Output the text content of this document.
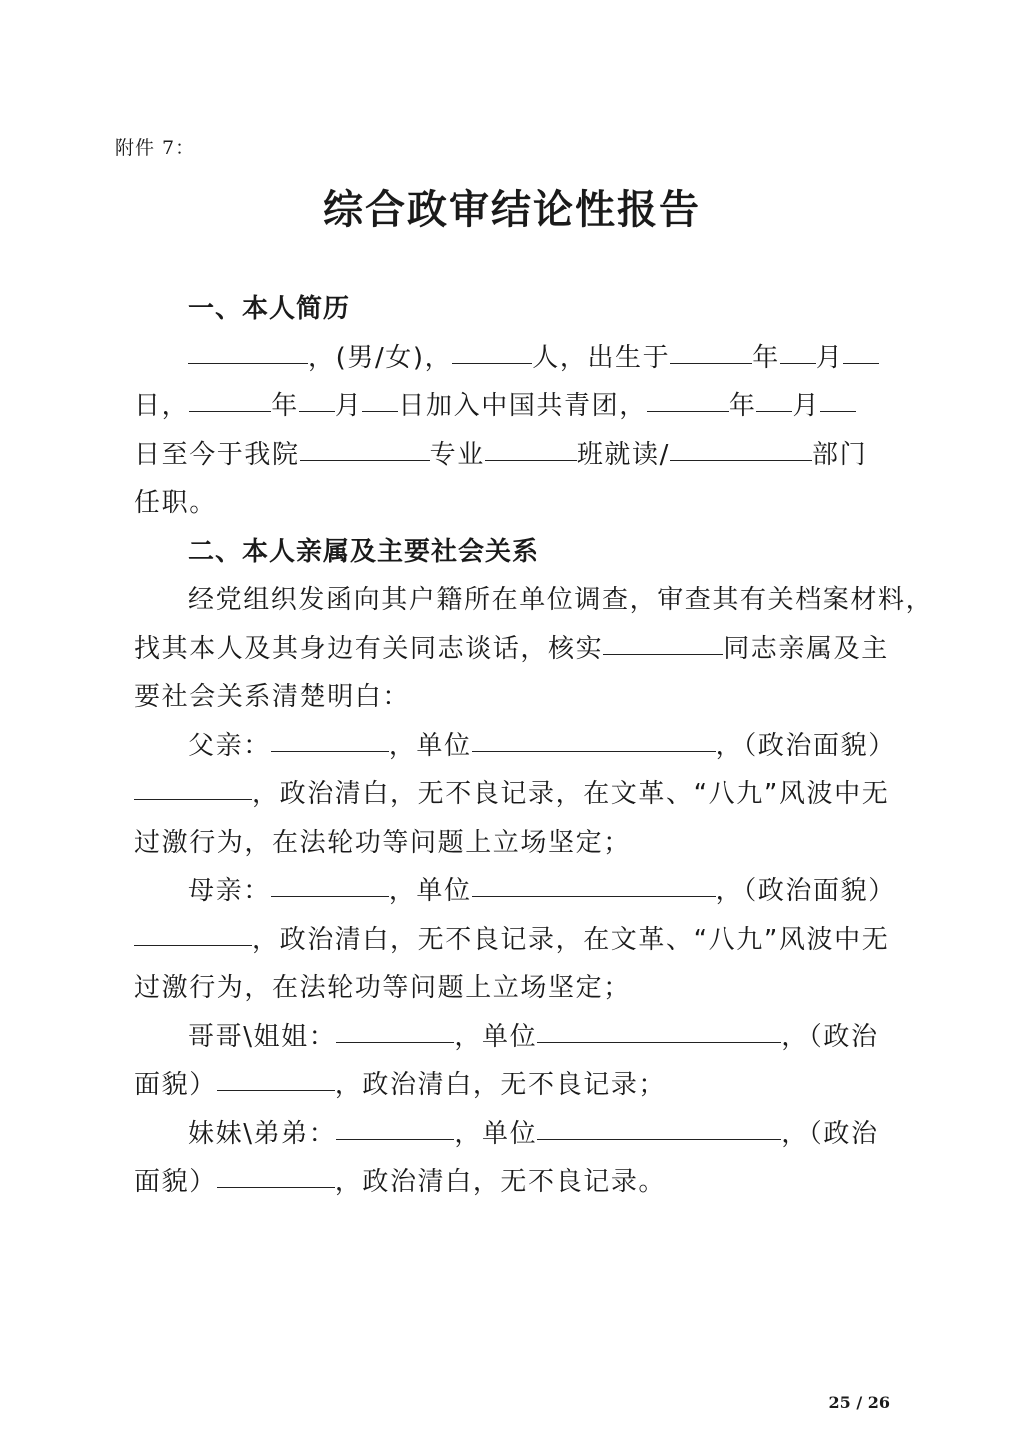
附件 7：
综合政审结论性报告
一、本人简历
，(男/女)，	人，出生于	年 月
日，	年 月 日加入中国共青团，	年 月
日至今于我院	专业	班就读/	部门
任职。
二、本人亲属及主要社会关系
经党组织发函向其户籍所在单位调查，审查其有关档案材料，
找其本人及其身边有关同志谈话，核实	同志亲属及主
要社会关系清楚明白：
父亲：	，单位	，（政治面貌）
，政治清白，无不良记录，在文革、“八九”风波中无
过激行为，在法轮功等问题上立场坚定；
母亲：	，单位	，（政治面貌）
，政治清白，无不良记录，在文革、“八九”风波中无
过激行为，在法轮功等问题上立场坚定；
哥哥\姐姐：	，单位	，（政治
面貌）	，政治清白，无不良记录；
妹妹\弟弟：	，单位	，（政治
面貌）	，政治清白，无不良记录。
25 / 26
